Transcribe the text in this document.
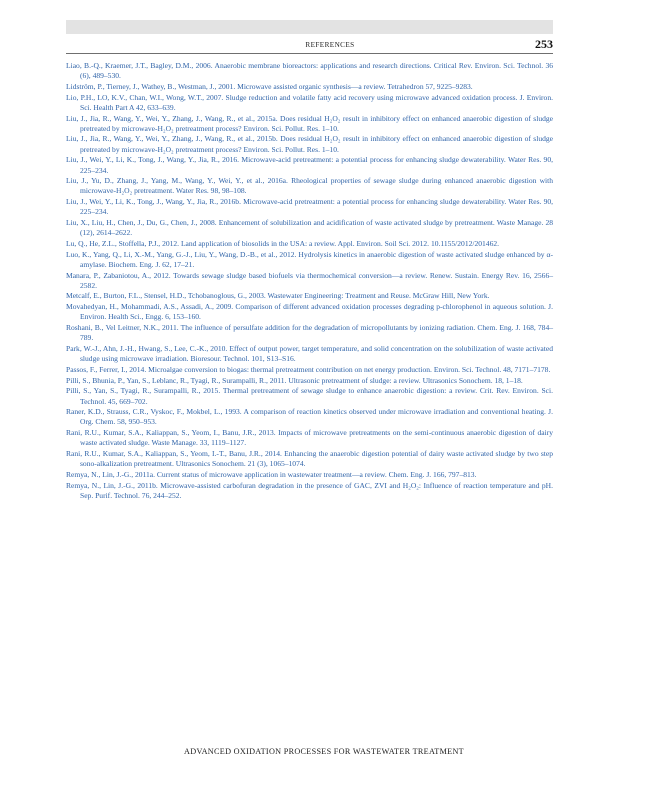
REFERENCES	253
Liao, B.-Q., Kraemer, J.T., Bagley, D.M., 2006. Anaerobic membrane bioreactors: applications and research directions. Critical Rev. Environ. Sci. Technol. 36 (6), 489–530.
Lidström, P., Tierney, J., Wathey, B., Westman, J., 2001. Microwave assisted organic synthesis—a review. Tetrahedron 57, 9225–9283.
Lio, P.H., LO, K.V., Chan, W.I., Wong, W.T., 2007. Sludge reduction and volatile fatty acid recovery using microwave advanced oxidation process. J. Environ. Sci. Health Part A 42, 633–639.
Liu, J., Jia, R., Wang, Y., Wei, Y., Zhang, J., Wang, R., et al., 2015a. Does residual H₂O₂ result in inhibitory effect on enhanced anaerobic digestion of sludge pretreated by microwave-H₂O₂ pretreatment process? Environ. Sci. Pollut. Res. 1–10.
Liu, J., Jia, R., Wang, Y., Wei, Y., Zhang, J., Wang, R., et al., 2015b. Does residual H₂O₂ result in inhibitory effect on enhanced anaerobic digestion of sludge pretreated by microwave-H₂O₂ pretreatment process? Environ. Sci. Pollut. Res. 1–10.
Liu, J., Wei, Y., Li, K., Tong, J., Wang, Y., Jia, R., 2016. Microwave-acid pretreatment: a potential process for enhancing sludge dewaterability. Water Res. 90, 225–234.
Liu, J., Yu, D., Zhang, J., Yang, M., Wang, Y., Wei, Y., et al., 2016a. Rheological properties of sewage sludge during enhanced anaerobic digestion with microwave-H₂O₂ pretreatment. Water Res. 98, 98–108.
Liu, J., Wei, Y., Li, K., Tong, J., Wang, Y., Jia, R., 2016b. Microwave-acid pretreatment: a potential process for enhancing sludge dewaterability. Water Res. 90, 225–234.
Liu, X., Liu, H., Chen, J., Du, G., Chen, J., 2008. Enhancement of solubilization and acidification of waste activated sludge by pretreatment. Waste Manage. 28 (12), 2614–2622.
Lu, Q., He, Z.L., Stoffella, P.J., 2012. Land application of biosolids in the USA: a review. Appl. Environ. Soil Sci. 2012. 10.1155/2012/201462.
Luo, K., Yang, Q., Li, X.-M., Yang, G.-J., Liu, Y., Wang, D.-B., et al., 2012. Hydrolysis kinetics in anaerobic digestion of waste activated sludge enhanced by α-amylase. Biochem. Eng. J. 62, 17–21.
Manara, P., Zabaniotou, A., 2012. Towards sewage sludge based biofuels via thermochemical conversion—a review. Renew. Sustain. Energy Rev. 16, 2566–2582.
Metcalf, E., Burton, F.L., Stensel, H.D., Tchobanoglous, G., 2003. Wastewater Engineering: Treatment and Reuse. McGraw Hill, New York.
Movahedyan, H., Mohammadi, A.S., Assadi, A., 2009. Comparison of different advanced oxidation processes degrading p-chlorophenol in aqueous solution. J. Environ. Health Sci., Engg. 6, 153–160.
Roshani, B., Vel Leitner, N.K., 2011. The influence of persulfate addition for the degradation of micropollutants by ionizing radiation. Chem. Eng. J. 168, 784–789.
Park, W.-J., Ahn, J.-H., Hwang, S., Lee, C.-K., 2010. Effect of output power, target temperature, and solid concentration on the solubilization of waste activated sludge using microwave irradiation. Bioresour. Technol. 101, S13–S16.
Passos, F., Ferrer, I., 2014. Microalgae conversion to biogas: thermal pretreatment contribution on net energy production. Environ. Sci. Technol. 48, 7171–7178.
Pilli, S., Bhunia, P., Yan, S., Leblanc, R., Tyagi, R., Surampalli, R., 2011. Ultrasonic pretreatment of sludge: a review. Ultrasonics Sonochem. 18, 1–18.
Pilli, S., Yan, S., Tyagi, R., Surampalli, R., 2015. Thermal pretreatment of sewage sludge to enhance anaerobic digestion: a review. Crit. Rev. Environ. Sci. Technol. 45, 669–702.
Raner, K.D., Strauss, C.R., Vyskoc, F., Mokbel, L., 1993. A comparison of reaction kinetics observed under microwave irradiation and conventional heating. J. Org. Chem. 58, 950–953.
Rani, R.U., Kumar, S.A., Kaliappan, S., Yeom, I., Banu, J.R., 2013. Impacts of microwave pretreatments on the semi-continuous anaerobic digestion of dairy waste activated sludge. Waste Manage. 33, 1119–1127.
Rani, R.U., Kumar, S.A., Kaliappan, S., Yeom, I.-T., Banu, J.R., 2014. Enhancing the anaerobic digestion potential of dairy waste activated sludge by two step sono-alkalization pretreatment. Ultrasonics Sonochem. 21 (3), 1065–1074.
Remya, N., Lin, J.-G., 2011a. Current status of microwave application in wastewater treatment—a review. Chem. Eng. J. 166, 797–813.
Remya, N., Lin, J.-G., 2011b. Microwave-assisted carbofuran degradation in the presence of GAC, ZVI and H₂O₂: Influence of reaction temperature and pH. Sep. Purif. Technol. 76, 244–252.
ADVANCED OXIDATION PROCESSES FOR WASTEWATER TREATMENT
